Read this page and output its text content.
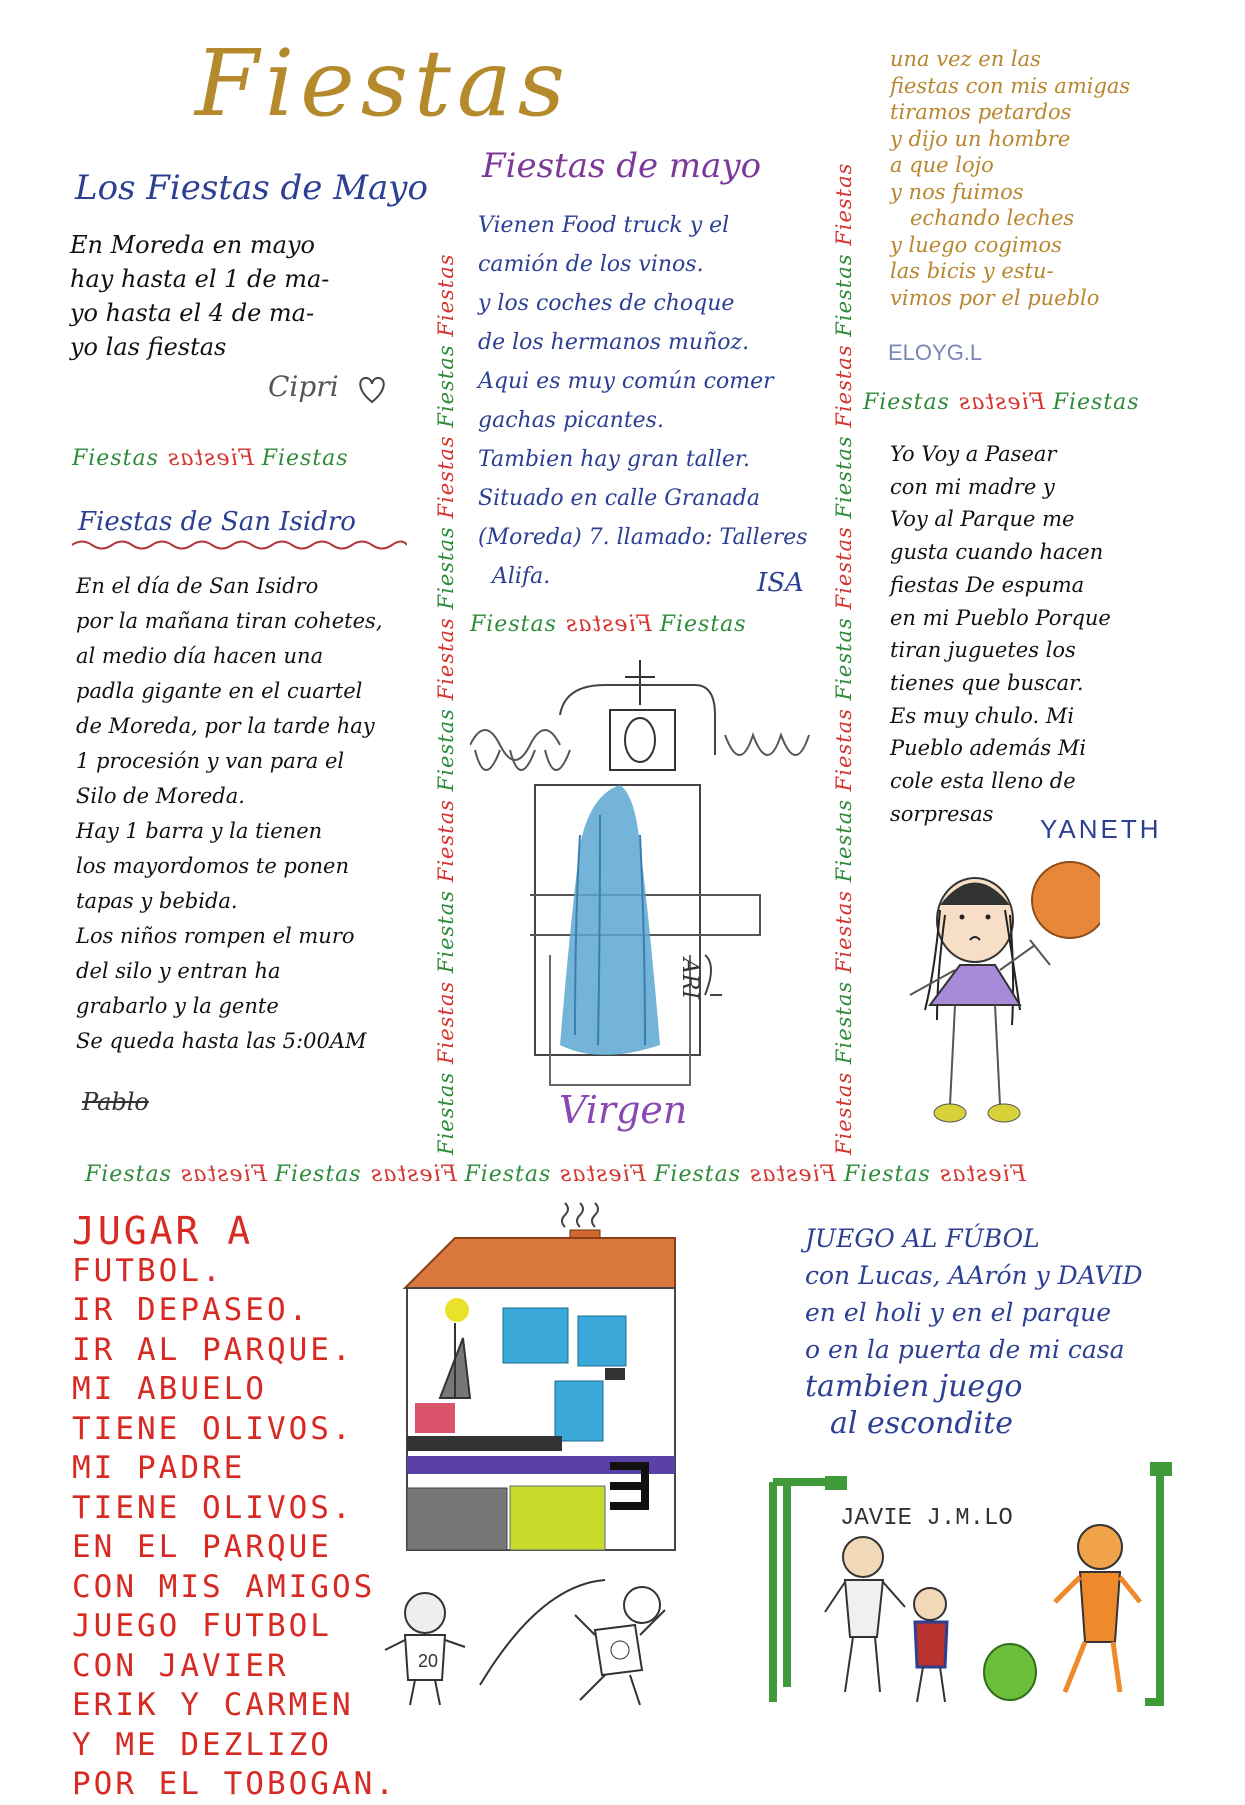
Fiestas
Los Fiestas de Mayo
En Moreda en mayo
hay hasta el 1 de ma-
yo hasta el 4 de ma-
yo las fiestas
Cipri
Fiestas Fiestas Fiestas
Fiestas de San Isidro
En el día de San Isidro
por la mañana tiran cohetes,
al medio día hacen una
padla gigante en el cuartel
de Moreda, por la tarde hay
1 procesión y van para el
Silo de Moreda.
Hay 1 barra y la tienen
los mayordomos te ponen
tapas y bebida.
Los niños rompen el muro
del silo y entran ha
grabarlo y la gente
Se queda hasta las 5:00AM
Pablo	Fiestas Fiestas Fiestas Fiestas Fiestas Fiestas Fiestas Fiestas Fiestas Fiestas
Fiestas de mayo
Vienen Food truck y el
camión de los vinos.
y los coches de choque
de los hermanos muñoz.
Aqui es muy común comer
gachas picantes.
Tambien hay gran taller.
Situado en calle Granada
(Moreda) 7. llamado: Talleres
Alifa.	ISA
Fiestas Fiestas Fiestas
Virgen
ARI
Fiestas Fiestas Fiestas Fiestas Fiestas Fiestas Fiestas Fiestas Fiestas Fiestas Fiestas
una vez en las
fiestas con mis amigas
tiramos petardos
y dijo un hombre
a que lojo
y nos fuimos
echando leches
y luego cogimos
las bicis y estu-
vimos por el pueblo
ELOYG.L
Fiestas Fiestas Fiestas
Yo Voy a Pasear
con mi madre y
Voy al Parque me
gusta cuando hacen
fiestas De espuma
en mi Pueblo Porque
tiran juguetes los
tienes que buscar.
Es muy chulo. Mi
Pueblo además Mi
cole esta lleno de
sorpresas
YANETH
Fiestas Fiestas Fiestas Fiestas Fiestas Fiestas Fiestas Fiestas Fiestas Fiestas
JUGAR A
FUTBOL.
IR DEPASEO.
IR AL PARQUE.
MI ABUELO
TIENE OLIVOS.
MI PADRE
TIENE OLIVOS.
EN EL PARQUE
CON MIS AMIGOS
JUEGO FUTBOL
CON JAVIER
ERIK Y CARMEN
Y ME DEZLIZO
POR EL TOBOGAN.
20
JUEGO AL FÚBOL
con Lucas, AArón y DAVID
en el holi y en el parque
o en la puerta de mi casa
tambien juego
al escondite
JAVIE J.M.LO
